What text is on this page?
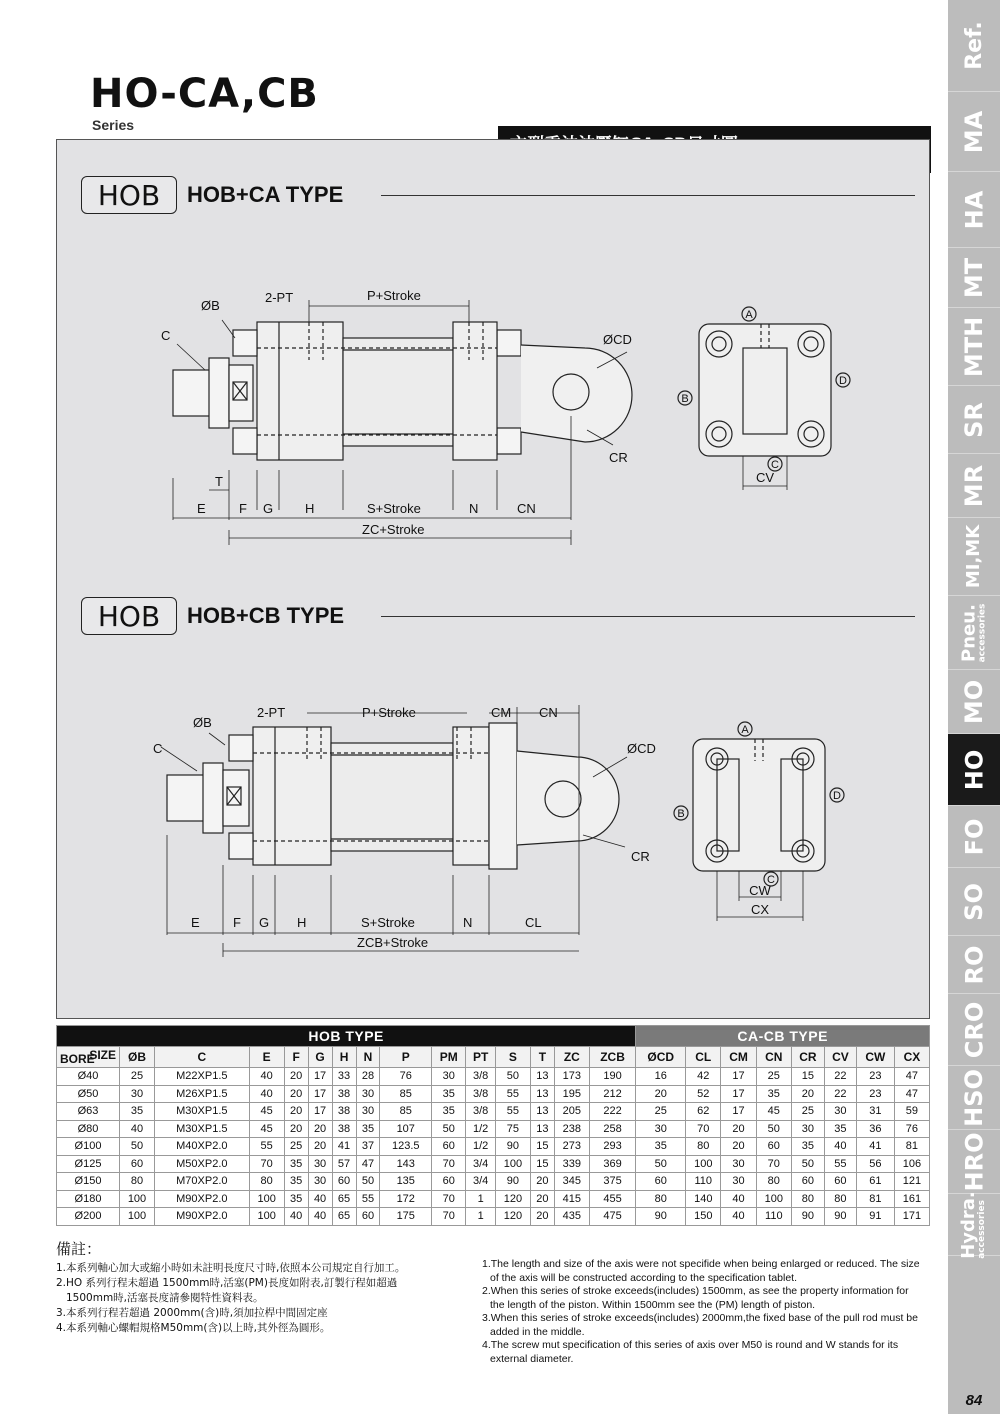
HO-CA,CB
Series
HOB	HOB+CA TYPE
ØB
2-PT	P+Stroke
C	ØCD
CR
T
E	F G H	S+Stroke	N	CN
ZC+Stroke
A
B
D
C
CV
HOB	HOB+CB TYPE
ØB
2-PT	P+Stroke	CM CN
C	ØCD
CR
E	F G H	S+Stroke	N	CL
ZCB+Stroke
A
B
D
C
CW
CX
HOB TYPE															CA-CB TYPE							

SIZE
BORE	ØB	C	E	F	G	H	N	P	PM	PT	S	T	ZC	ZCB	ØCD	CL	CM	CN	CR	CV	CW	CX
Ø40	25	M22XP1.5	40	20	17	33	28	76	30	3/8	50	13	173	190	16	42	17	25	15	22	23	47
Ø50	30	M26XP1.5	40	20	17	38	30	85	35	3/8	55	13	195	212	20	52	17	35	20	22	23	47
Ø63	35	M30XP1.5	45	20	17	38	30	85	35	3/8	55	13	205	222	25	62	17	45	25	30	31	59
Ø80	40	M30XP1.5	45	20	20	38	35	107	50	1/2	75	13	238	258	30	70	20	50	30	35	36	76
Ø100	50	M40XP2.0	55	25	20	41	37	123.5	60	1/2	90	15	273	293	35	80	20	60	35	40	41	81
Ø125	60	M50XP2.0	70	35	30	57	47	143	70	3/4	100	15	339	369	50	100	30	70	50	55	56	106
Ø150	80	M70XP2.0	80	35	30	60	50	135	60	3/4	90	20	345	375	60	110	30	80	60	60	61	121
Ø180	100	M90XP2.0	100	35	40	65	55	172	70	1	120	20	415	455	80	140	40	100	80	80	81	161
Ø200	100	M90XP2.0	100	40	40	65	60	175	70	1	120	20	435	475	90	150	40	110	90	90	91	171
備註：
1.本系列軸心加大或縮小時如未註明長度尺寸時,依照本公司規定自行加工。
2.HO 系列行程未超過 1500mm時,活塞(PM)長度如附表,訂製行程如超過
1500mm時,活塞長度請參閱特性資料表。
3.本系列行程若超過 2000mm(含)時,須加拉桿中間固定座
4.本系列軸心螺帽規格M50mm(含)以上時,其外徑為圓形。
1.The length and size of the axis were not specifide when being enlarged or reduced. The size of the axis will be constructed according to the specification tablet.
2.When this series of stroke exceeds(includes) 1500mm, as see the property information for the length of the piston. Within 1500mm see the (PM) length of piston.
3.When this series of stroke exceeds(includes) 2000mm,the fixed base of the pull rod must be added in the middle.
4.The screw mut specification of this series of axis over M50 is round and W stands for its external diameter.
Ref.
MA
HA
MT
MTH
SR
MR
MI,MK
Pneu.
accessories
MO
HO
FO
SO
RO
CRO
HSO
HRO
Hydra.
accessories

84
